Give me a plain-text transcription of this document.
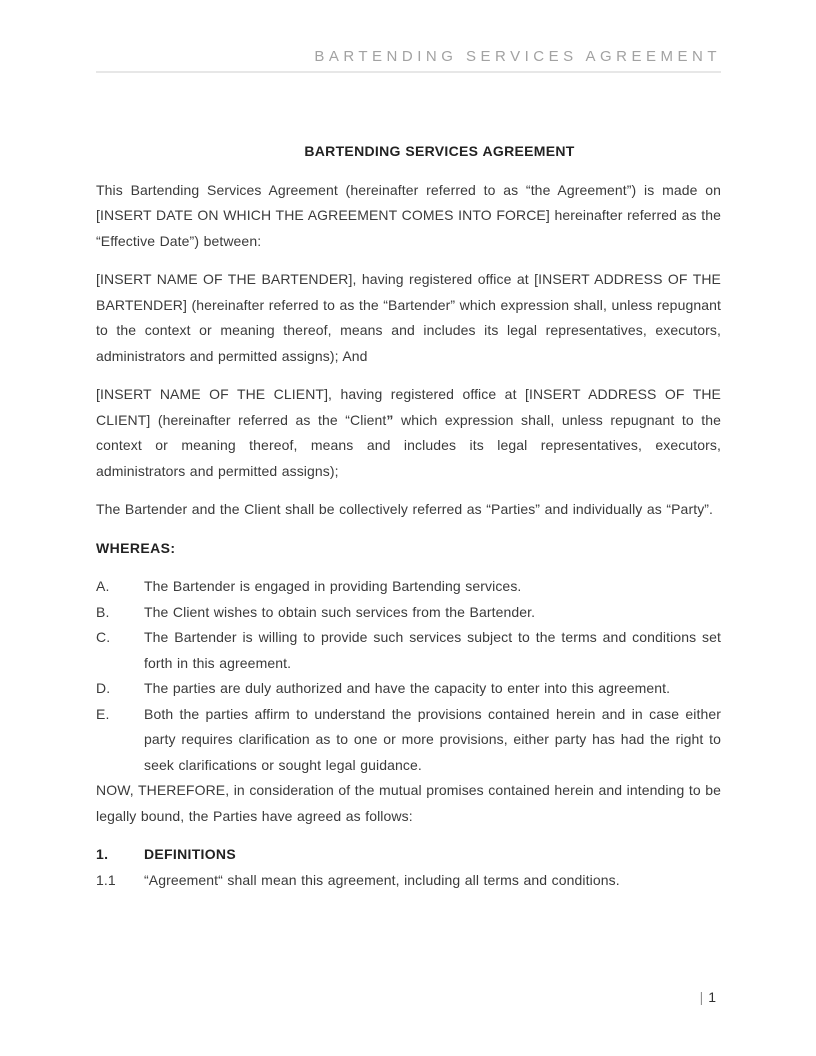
BARTENDING SERVICES AGREEMENT
BARTENDING SERVICES AGREEMENT

This Bartending Services Agreement (hereinafter referred to as “the Agreement”) is made on [INSERT DATE ON WHICH THE AGREEMENT COMES INTO FORCE] hereinafter referred as the “Effective Date”) between:

[INSERT NAME OF THE BARTENDER], having registered office at [INSERT ADDRESS OF THE BARTENDER] (hereinafter referred to as the “Bartender” which expression shall, unless repugnant to the context or meaning thereof, means and includes its legal representatives, executors, administrators and permitted assigns); And

[INSERT NAME OF THE CLIENT], having registered office at [INSERT ADDRESS OF THE CLIENT] (hereinafter referred as the “Client” which expression shall, unless repugnant to the context or meaning thereof, means and includes its legal representatives, executors, administrators and permitted assigns);

The Bartender and the Client shall be collectively referred as “Parties” and individually as “Party”.

WHEREAS:
A.	The Bartender is engaged in providing Bartending services.
B.	The Client wishes to obtain such services from the Bartender.
C.	The Bartender is willing to provide such services subject to the terms and conditions set forth in this agreement.
D.	The parties are duly authorized and have the capacity to enter into this agreement.
E.	Both the parties affirm to understand the provisions contained herein and in case either party requires clarification as to one or more provisions, either party has had the right to seek clarifications or sought legal guidance.

NOW, THEREFORE, in consideration of the mutual promises contained herein and intending to be legally bound, the Parties have agreed as follows:

1.	DEFINITIONS
1.1	“Agreement“ shall mean this agreement, including all terms and conditions.
| 1
